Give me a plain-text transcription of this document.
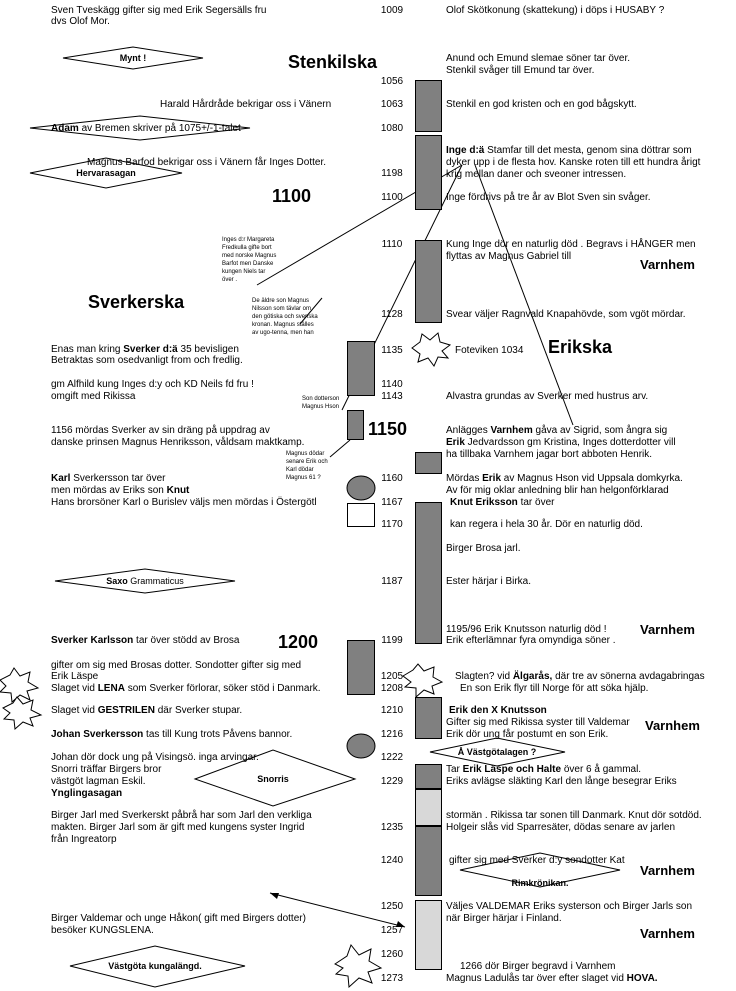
1009
1056
1063
1080
1198
1100
1110
1128
1135
1140
1143
1150
1160
1167
1170
1187
1199
1205
1208
1210
1216
1222
1229
1235
1240
1250
1257
1260
1273
Stenkilska
Sverkerska
Erikska
1100
1200
Varnhem
Varnhem
Varnhem
Varnhem
Varnhem
Mynt !
Hervarasagan
Saxo Grammaticus
Snorris
Å Västgötalagen ?
Rimkrönikan.
Västgöta kungalängd.
Inges d:r Margareta
Fredkulla gifte bort
med norske Magnus
Barfot men Danske
kungen Niels tar
över .
De äldre son Magnus
Nilsson som tävlar om
den götiska och svenska
kronan. Magnus ställes
av ugo-tenna, men han
Son dotterson
Magnus Hson
Magnus dödar
senare Erik och
Karl dödar
Magnus 61 ?
Sven Tveskägg gifter sig med Erik Segersälls fru
dvs Olof Mor.
Harald Hårdråde bekrigar oss i Vänern
Adam av Bremen skriver på 1075+/-1-talet
Magnus Barfod bekrigar oss i Vänern får Inges Dotter.
Enas man kring Sverker d:ä 35 bevisligen
Betraktas som osedvanligt from och fredlig.
gm Alfhild kung Inges d:y och KD Neils fd fru !
omgift med Rikissa
1156 mördas Sverker av sin dräng på uppdrag av
danske prinsen Magnus Henriksson, våldsam maktkamp.
Karl Sverkersson tar över
men mördas av Eriks son Knut
Hans brorsöner Karl o Burislev väljs men mördas i Östergötl
Sverker Karlsson tar över stödd av Brosa
gifter om sig med Brosas dotter. Sondotter gifter sig med
Erik Läspe
Slaget vid LENA som Sverker förlorar, söker stöd i Danmark.
Slaget vid GESTRILEN där Sverker stupar.
Johan Sverkersson tas till Kung trots Påvens bannor.
Johan dör dock ung på Visingsö. inga arvingar.
Snorri träffar Birgers bror
västgöt lagman Eskil.
Ynglingasagan
Birger Jarl med Sverkerskt påbrå har som Jarl den verkliga
makten. Birger Jarl som är gift med kungens syster Ingrid
från Ingreatorp
Birger Valdemar och unge Håkon( gift med Birgers dotter)
besöker KUNGSLENA.
Olof Skötkonung (skattekung) i döps i HUSABY ?
Anund och Emund slemae söner tar över.
Stenkil svåger till Emund tar över.
Stenkil en god kristen och en god bågskytt.
Inge d:ä Stamfar till det mesta, genom sina döttrar som
dyker upp i de flesta hov. Kanske roten till ett hundra årigt
krig mellan daner och sveoner intressen.
Inge fördrivs på tre år av Blot Sven sin svåger.
Kung Inge dör en naturlig död . Begravs i HÅNGER men
flyttas av Magnus Gabriel till
Svear väljer Ragnvald Knapahövde, som vgöt mördar.
Foteviken 1034
Alvastra grundas av Sverker med hustrus arv.
Anlägges Varnhem gåva av Sigrid, som ångra sig
Erik Jedvardsson gm Kristina, Inges dotterdotter vill
ha tillbaka Varnhem jagar bort abboten Henrik.
Mördas Erik av Magnus Hson vid Uppsala domkyrka.
Av för mig oklar anledning blir han helgonförklarad
Knut Eriksson tar över
kan regera i hela 30 år. Dör en naturlig död.
Birger Brosa jarl.
Ester härjar i Birka.
1195/96 Erik Knutsson naturlig död !
Erik efterlämnar fyra omyndiga söner .
Slagten? vid Älgarås, där tre av sönerna avdagabringas
En son Erik flyr till Norge för att söka hjälp.
Erik den X Knutsson
Gifter sig med Rikissa syster till Valdemar
Erik dör ung får postumt en son Erik.
Tar Erik Läspe och Halte över 6 å gammal.
Eriks avlägse släkting Karl den långe besegrar Eriks
stormän . Rikissa tar sonen till Danmark. Knut dör sotdöd.
Holgeir slås vid Sparresäter, dödas senare av jarlen
gifter sig med Sverker d:y sondotter Kat
Väljes VALDEMAR Eriks systerson och Birger Jarls son
när Birger härjar i Finland.
1266 dör Birger begravd i Varnhem
Magnus Ladulås tar över efter slaget vid HOVA.
